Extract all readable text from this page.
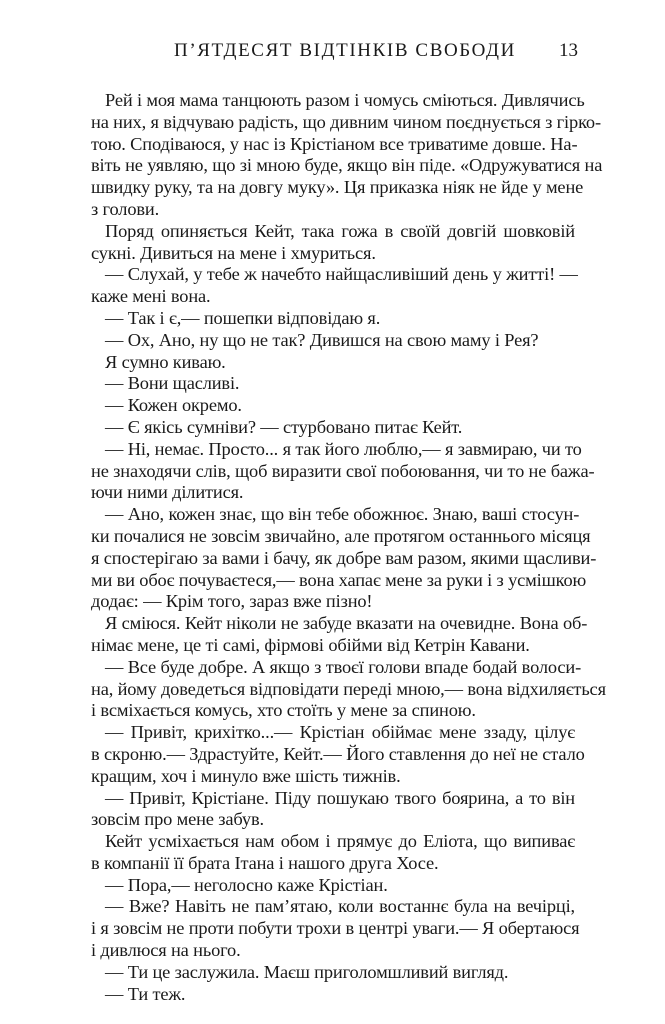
П’ЯТДЕСЯТ ВІДТІНКІВ СВОБОДИ 13
Рей і моя мама танцюють разом і чомусь сміються. Дивлячись
на них, я відчуваю радість, що дивним чином поєднується з гірко-
тою. Сподіваюся, у нас із Крістіаном все триватиме довше. На-
віть не уявляю, що зі мною буде, якщо він піде. «Одружуватися на
швидку руку, та на довгу муку». Ця приказка ніяк не йде у мене
з голови.
Поряд опиняється Кейт, така гожа в своїй довгій шовковій
сукні. Дивиться на мене і хмуриться.
— Слухай, у тебе ж начебто найщасливіший день у житті! —
каже мені вона.
— Так і є,— пошепки відповідаю я.
— Ох, Ано, ну що не так? Дивишся на свою маму і Рея?
Я сумно киваю.
— Вони щасливі.
— Кожен окремо.
— Є якісь сумніви? — стурбовано питає Кейт.
— Ні, немає. Просто... я так його люблю,— я завмираю, чи то
не знаходячи слів, щоб виразити свої побоювання, чи то не бажа-
ючи ними ділитися.
— Ано, кожен знає, що він тебе обожнює. Знаю, ваші стосун-
ки почалися не зовсім звичайно, але протягом останнього місяця
я спостерігаю за вами і бачу, як добре вам разом, якими щасливи-
ми ви обоє почуваєтеся,— вона хапає мене за руки і з усмішкою
додає: — Крім того, зараз вже пізно!
Я сміюся. Кейт ніколи не забуде вказати на очевидне. Вона об-
німає мене, це ті самі, фірмові обійми від Кетрін Кавани.
— Все буде добре. А якщо з твоєї голови впаде бодай волоси-
на, йому доведеться відповідати переді мною,— вона відхиляється
і всміхається комусь, хто стоїть у мене за спиною.
— Привіт, крихітко...— Крістіан обіймає мене ззаду, цілує
в скроню.— Здрастуйте, Кейт.— Його ставлення до неї не стало
кращим, хоч і минуло вже шість тижнів.
— Привіт, Крістіане. Піду пошукаю твого боярина, а то він
зовсім про мене забув.
Кейт усміхається нам обом і прямує до Еліота, що випиває
в компанії її брата Ітана і нашого друга Хосе.
— Пора,— неголосно каже Крістіан.
— Вже? Навіть не пам’ятаю, коли востаннє була на вечірці,
і я зовсім не проти побути трохи в центрі уваги.— Я обертаюся
і дивлюся на нього.
— Ти це заслужила. Маєш приголомшливий вигляд.
— Ти теж.
